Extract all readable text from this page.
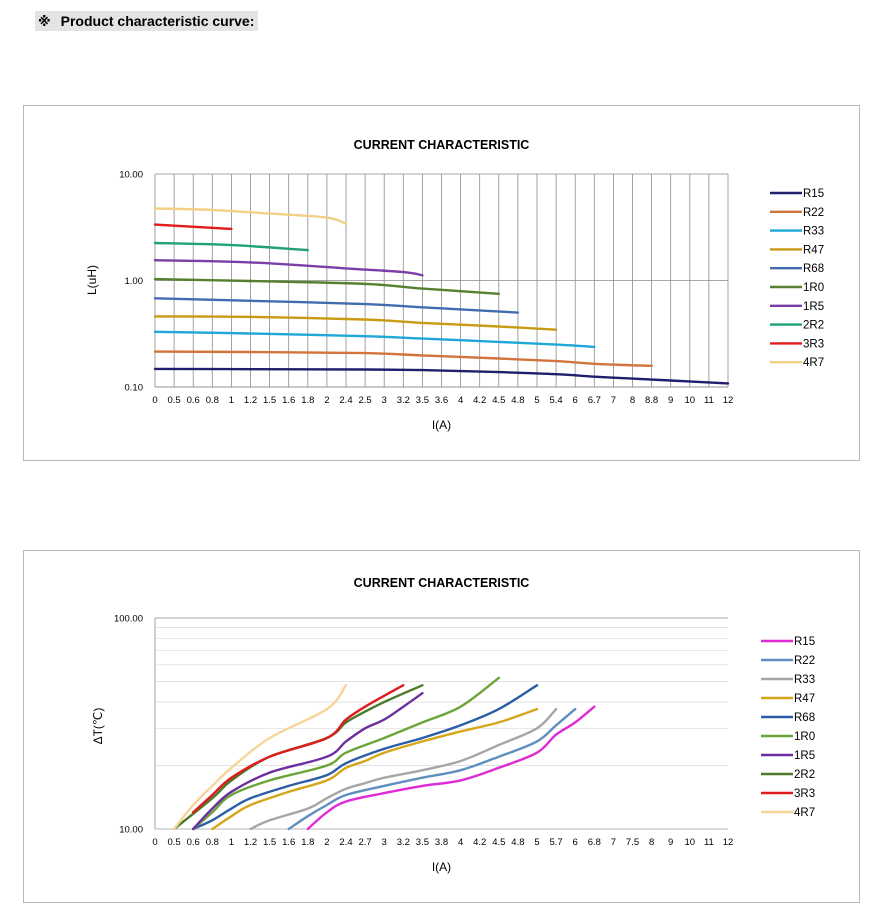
※ Product characteristic curve:
CURRENT CHARACTERISTIC
10.00
1.00
0.10
0 0.5 0.6 0.8 1 1.2 1.5 1.6 1.8 2 2.4 2.5 3 3.2 3.5 3.6 4 4.2 4.5 4.8 5 5.4 6 6.7 7 8 8.8 9 10 11 12
I(A)
L(uH)
R15
R22
R33
R47
R68
1R0
1R5
2R2
3R3
4R7
CURRENT CHARACTERISTIC
100.00
10.00
0 0.5 0.6 0.8 1 1.2 1.5 1.6 1.8 2 2.4 2.7 3 3.2 3.5 3.8 4 4.2 4.5 4.8 5 5.7 6 6.8 7 7.5 8 9 10 11 12
I(A)
ΔT(℃)
R15
R22
R33
R47
R68
1R0
1R5
2R2
3R3
4R7
